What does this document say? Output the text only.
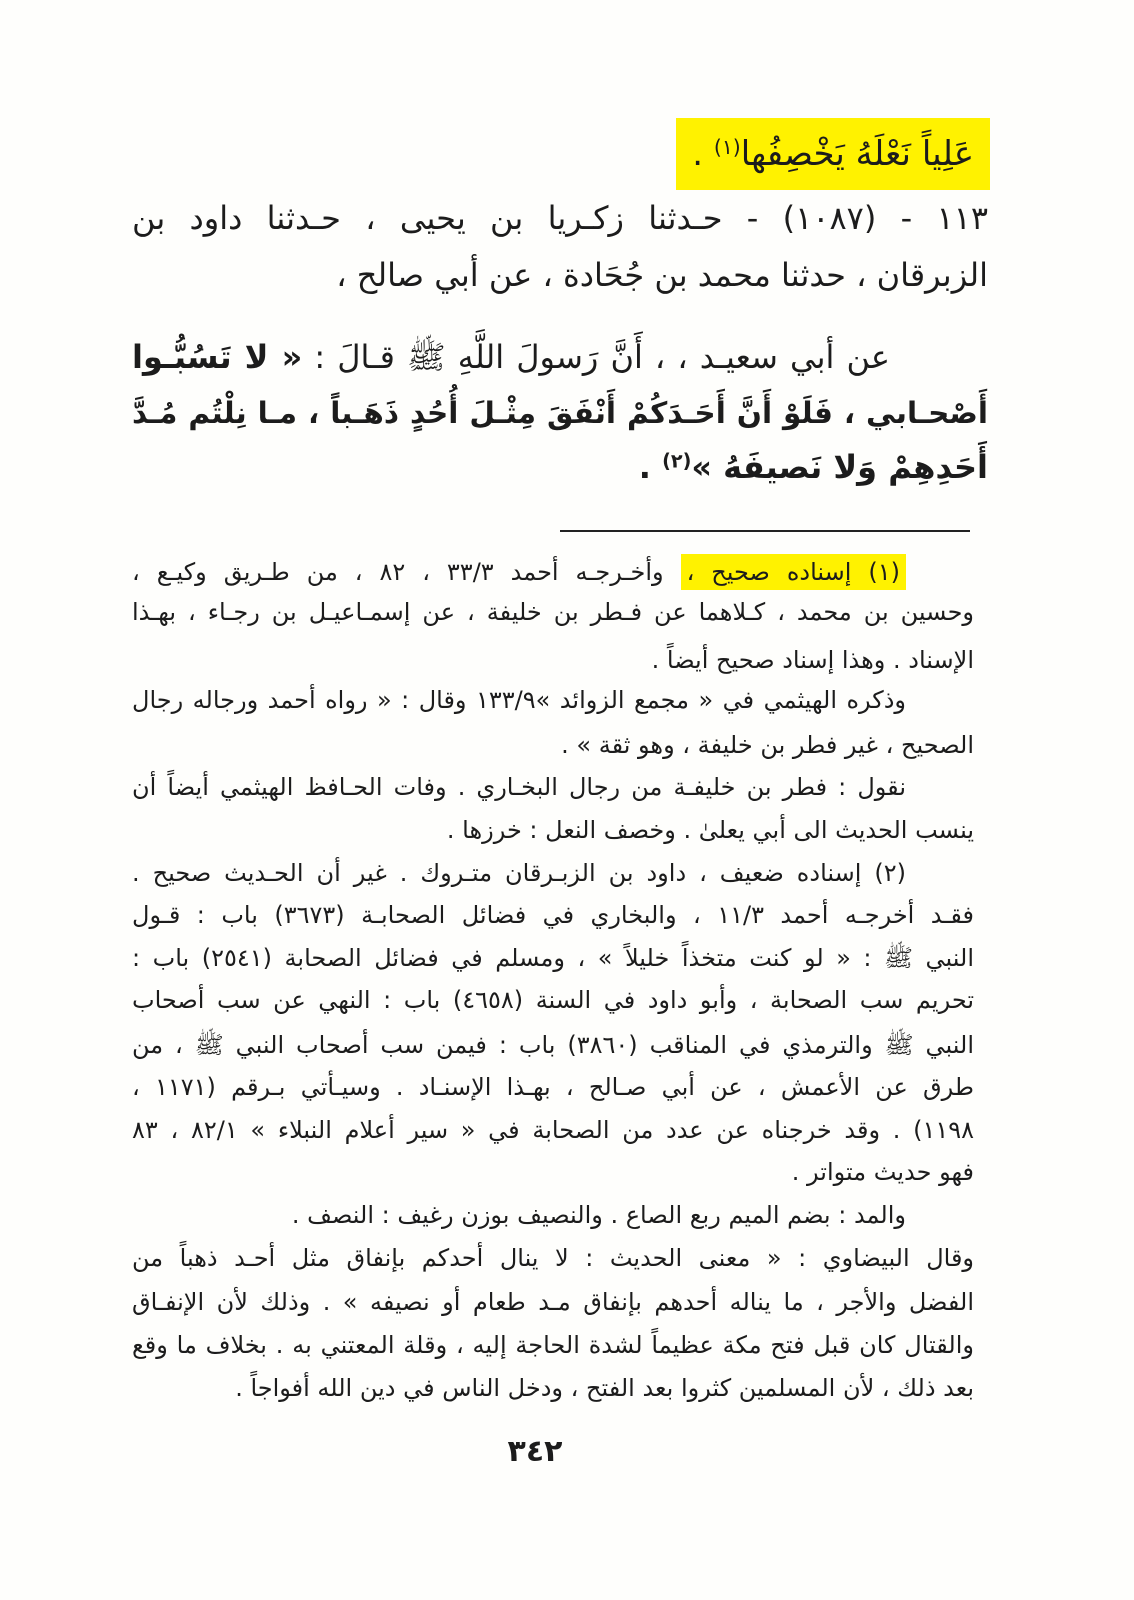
عَلِياً نَعْلَهُ يَخْصِفُها$^{(١)}$ .
١١٣ - (١٠٨٧) - حـدثنا زكـريا بن يحيى ، حـدثنا داود بن
الزبرقان ، حدثنا محمد بن جُحَادة ، عن أبي صالح ،
عن أبي سعيـد ، ، أَنَّ رَسولَ اللَّهِ ﷺ قـالَ : « لا تَسُبُّـوا
أَصْحـابي ، فَلَوْ أَنَّ أَحَـدَكُمْ أَنْفَقَ مِثْـلَ أُحُدٍ ذَهَـباً ، مـا نِلْتُم مُـدَّ
أَحَدِهِمْ وَلا نَصيفَهُ »$^{(٢)}$ .
(١) إسناده صحيح ، وأخـرجـه أحمد ٣٣/٣ ، ٨٢ ، من طـريق وكيـع ،
وحسين بن محمد ، كـلاهما عن فـطر بن خليفة ، عن إسمـاعيـل بن رجـاء ، بهـذا
الإسناد . وهذا إسناد صحيح أيضاً .
وذكره الهيثمي في « مجمع الزوائد »١٣٣/٩ وقال : « رواه أحمد ورجاله رجال
الصحيح ، غير فطر بن خليفة ، وهو ثقة » .
نقول : فطر بن خليفـة من رجال البخـاري . وفات الحـافظ الهيثمي أيضاً أن
ينسب الحديث الى أبي يعلىٰ . وخصف النعل : خرزها .
(٢) إسناده ضعيف ، داود بن الزبـرقان متـروك . غير أن الحـديث صحيح .
فقـد أخرجـه أحمد ١١/٣ ، والبخاري في فضائل الصحابـة (٣٦٧٣) باب : قـول
النبي ﷺ : « لو كنت متخذاً خليلاً » ، ومسلم في فضائل الصحابة (٢٥٤١) باب :
تحريم سب الصحابة ، وأبو داود في السنة (٤٦٥٨) باب : النهي عن سب أصحاب
النبي ﷺ والترمذي في المناقب (٣٨٦٠) باب : فيمن سب أصحاب النبي ﷺ ، من
طرق عن الأعمش ، عن أبي صـالح ، بهـذا الإسنـاد . وسيـأتي بـرقم (١١٧١ ،
١١٩٨) . وقد خرجناه عن عدد من الصحابة في « سير أعلام النبلاء » ٨٢/١ ، ٨٣
فهو حديث متواتر .
والمد : بضم الميم ربع الصاع . والنصيف بوزن رغيف : النصف .
وقال البيضاوي : « معنى الحديث : لا ينال أحدكم بإنفاق مثل أحـد ذهباً من
الفضل والأجر ، ما يناله أحدهم بإنفاق مـد طعام أو نصيفه » . وذلك لأن الإنفـاق
والقتال كان قبل فتح مكة عظيماً لشدة الحاجة إليه ، وقلة المعتني به . بخلاف ما وقع
بعد ذلك ، لأن المسلمين كثروا بعد الفتح ، ودخل الناس في دين الله أفواجاً .
٣٤٢
